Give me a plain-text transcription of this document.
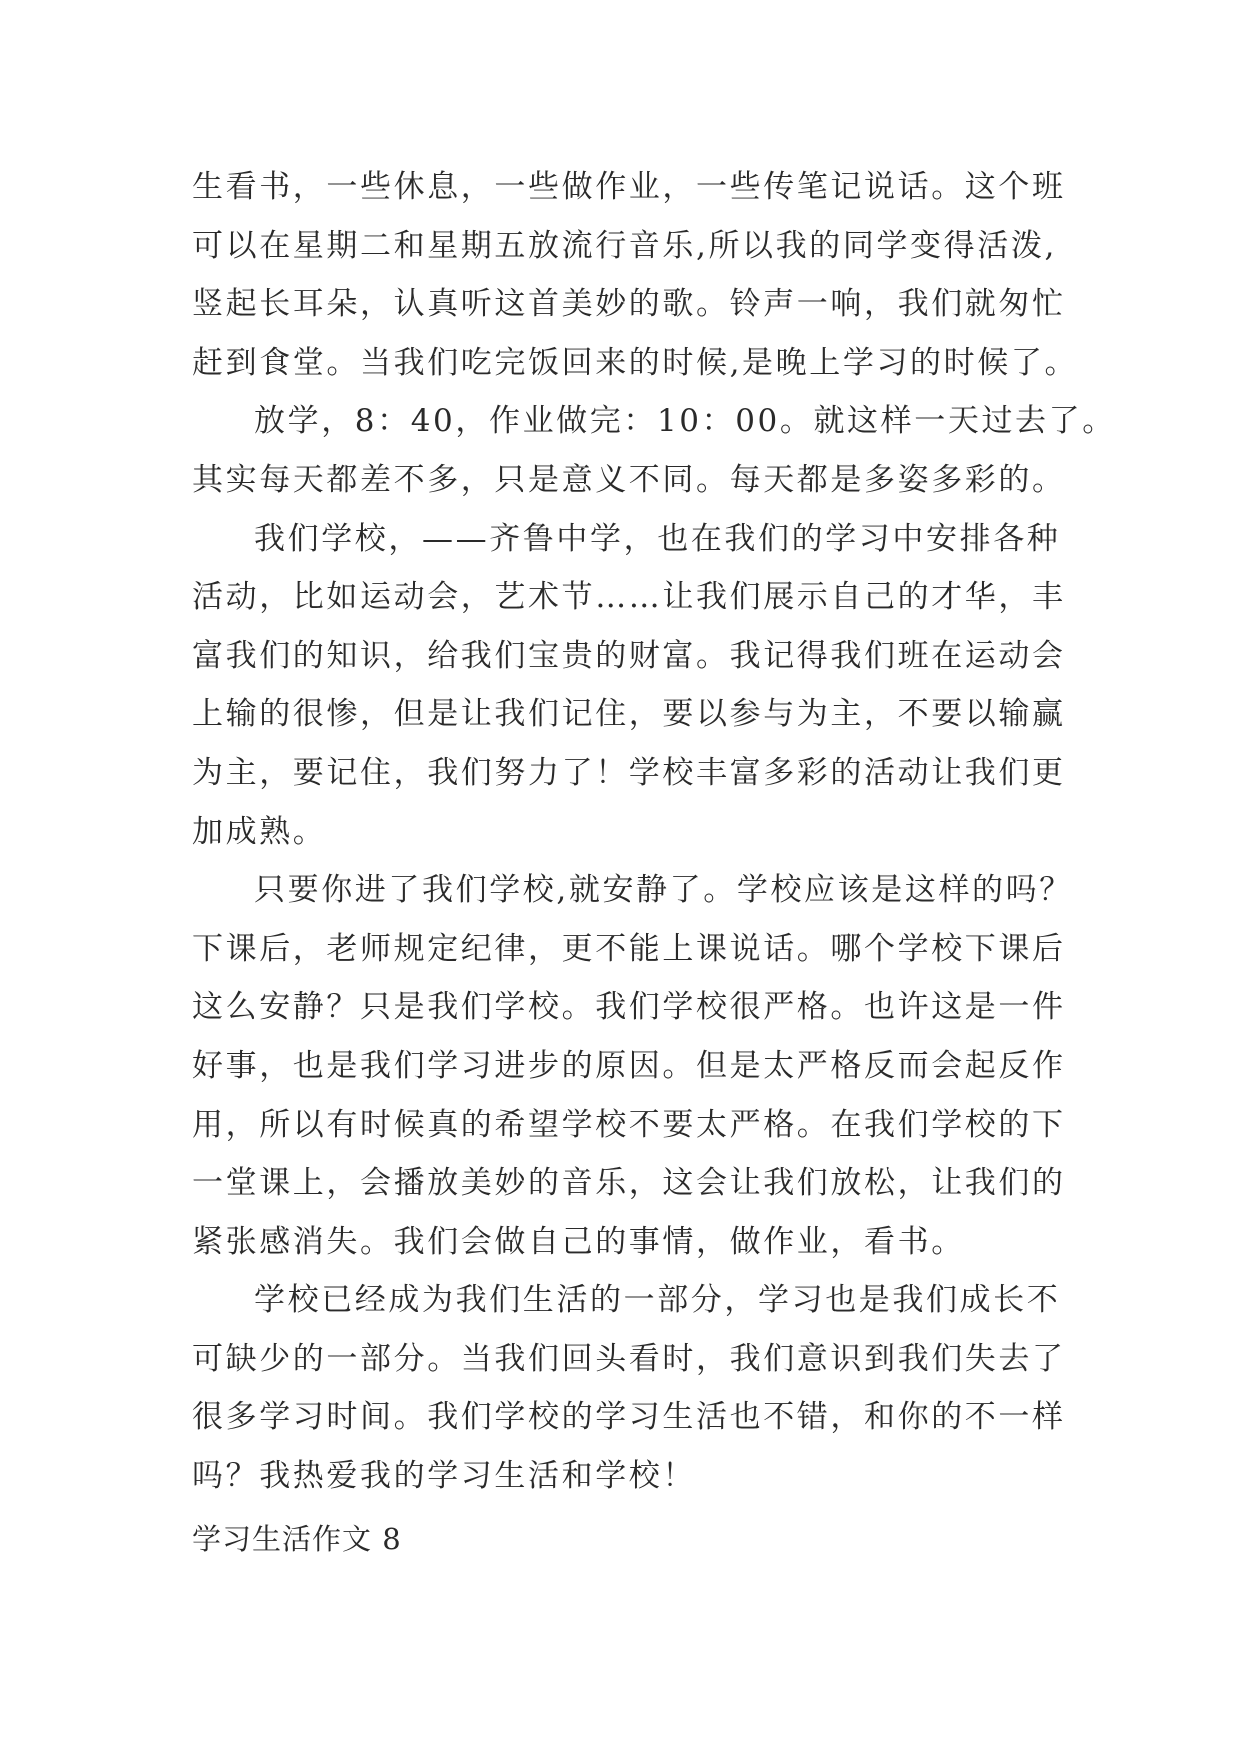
生看书，一些休息，一些做作业，一些传笔记说话。这个班
可以在星期二和星期五放流行音乐,所以我的同学变得活泼,
竖起长耳朵，认真听这首美妙的歌。铃声一响，我们就匆忙
赶到食堂。当我们吃完饭回来的时候,是晚上学习的时候了。
放学，8：40，作业做完：10：00。就这样一天过去了。
其实每天都差不多，只是意义不同。每天都是多姿多彩的。
我们学校，——齐鲁中学，也在我们的学习中安排各种
活动，比如运动会，艺术节……让我们展示自己的才华，丰
富我们的知识，给我们宝贵的财富。我记得我们班在运动会
上输的很惨，但是让我们记住，要以参与为主，不要以输赢
为主，要记住，我们努力了！学校丰富多彩的活动让我们更
加成熟。
只要你进了我们学校,就安静了。学校应该是这样的吗？
下课后，老师规定纪律，更不能上课说话。哪个学校下课后
这么安静？只是我们学校。我们学校很严格。也许这是一件
好事，也是我们学习进步的原因。但是太严格反而会起反作
用，所以有时候真的希望学校不要太严格。在我们学校的下
一堂课上，会播放美妙的音乐，这会让我们放松，让我们的
紧张感消失。我们会做自己的事情，做作业，看书。
学校已经成为我们生活的一部分，学习也是我们成长不
可缺少的一部分。当我们回头看时，我们意识到我们失去了
很多学习时间。我们学校的学习生活也不错，和你的不一样
吗？我热爱我的学习生活和学校！
学习生活作文 8
